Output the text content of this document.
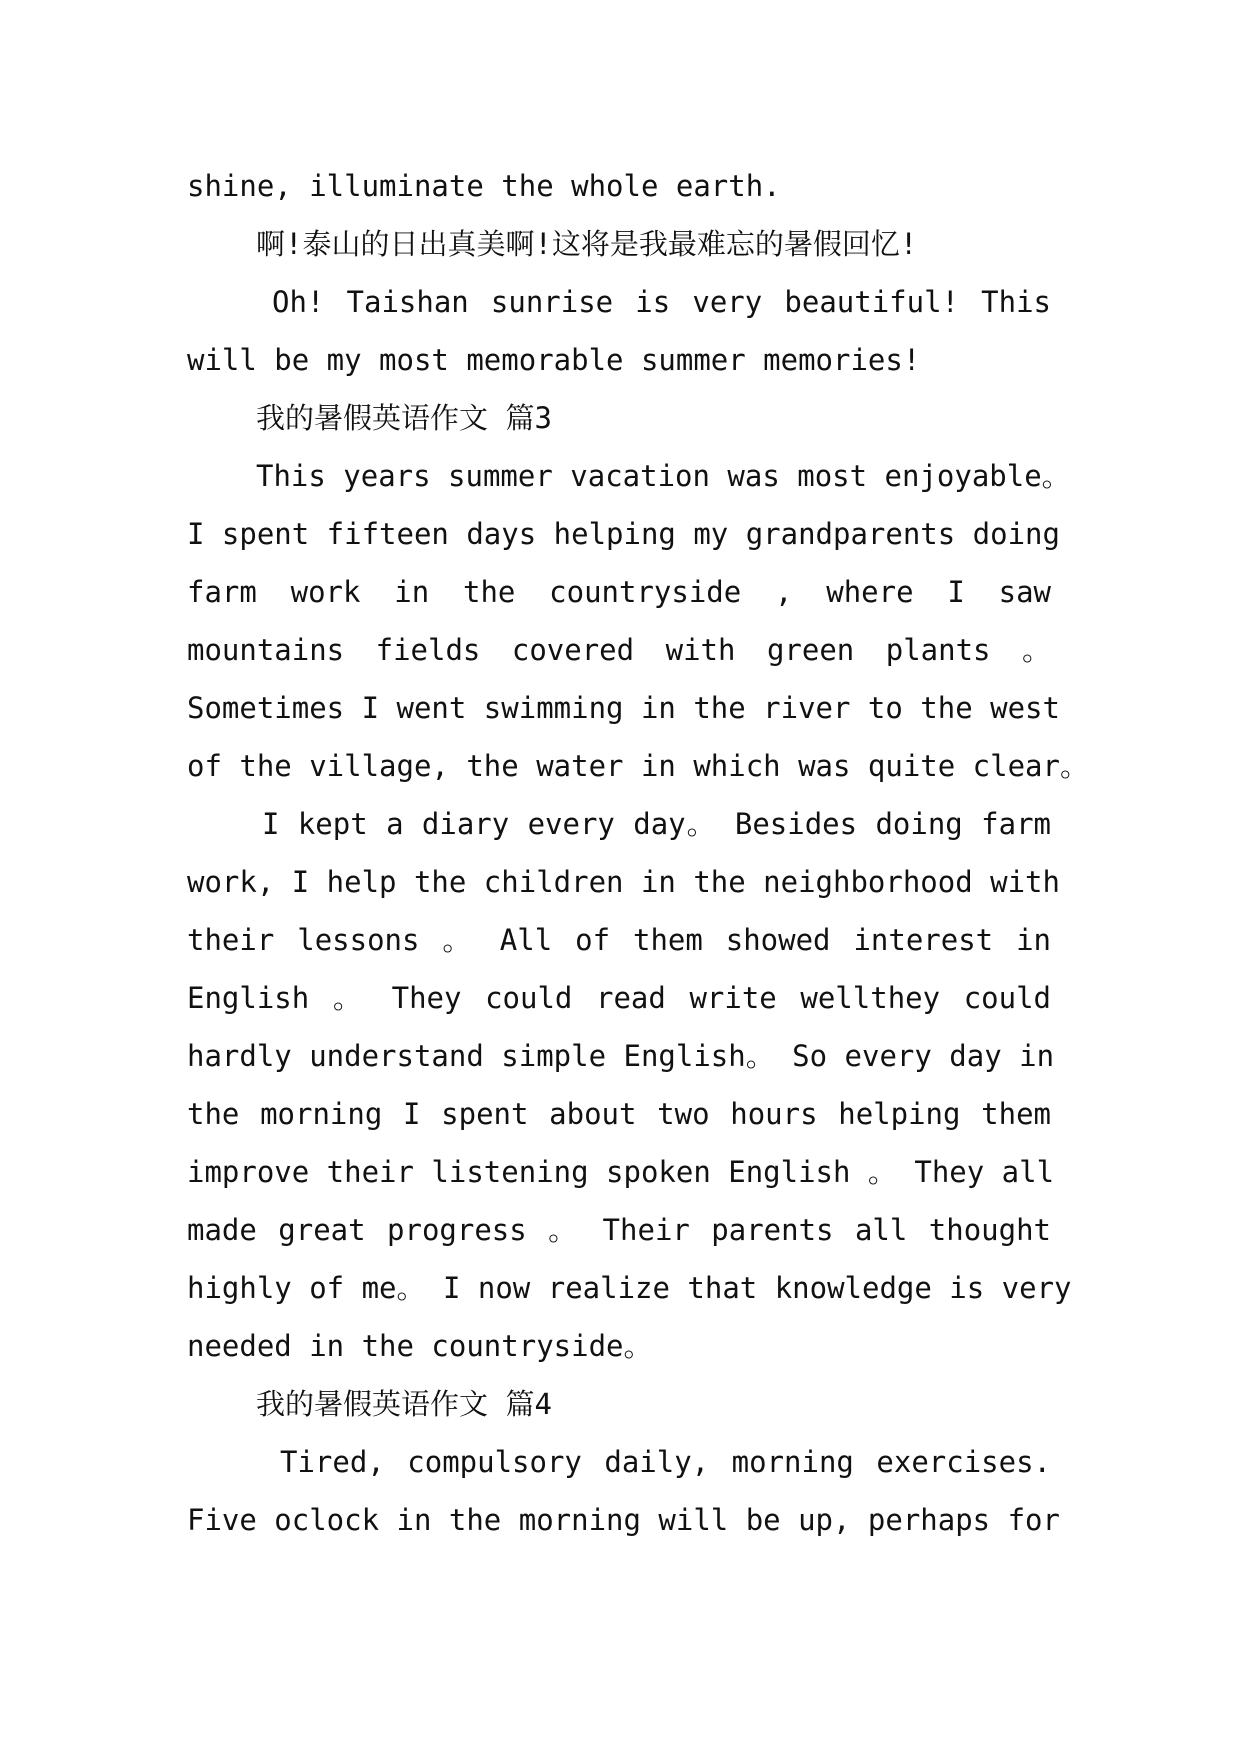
shine, illuminate the whole earth.
啊!泰山的日出真美啊!这将是我最难忘的暑假回忆!
Oh! Taishan sunrise is very beautiful! This
will be my most memorable summer memories!
我的暑假英语作文 篇3
This years summer vacation was most enjoyable。
I spent fifteen days helping my grandparents doing
farm work in the countryside , where I saw
mountains fields covered with green plants 。
Sometimes I went swimming in the river to the west
of the village, the water in which was quite clear。
I kept a diary every day。 Besides doing farm
work, I help the children in the neighborhood with
their lessons 。 All of them showed interest in
English 。 They could read write wellthey could
hardly understand simple English。 So every day in
the morning I spent about two hours helping them
improve their listening spoken English 。 They all
made great progress 。 Their parents all thought
highly of me。 I now realize that knowledge is very
needed in the countryside。
我的暑假英语作文 篇4
Tired, compulsory daily, morning exercises.
Five oclock in the morning will be up, perhaps for
